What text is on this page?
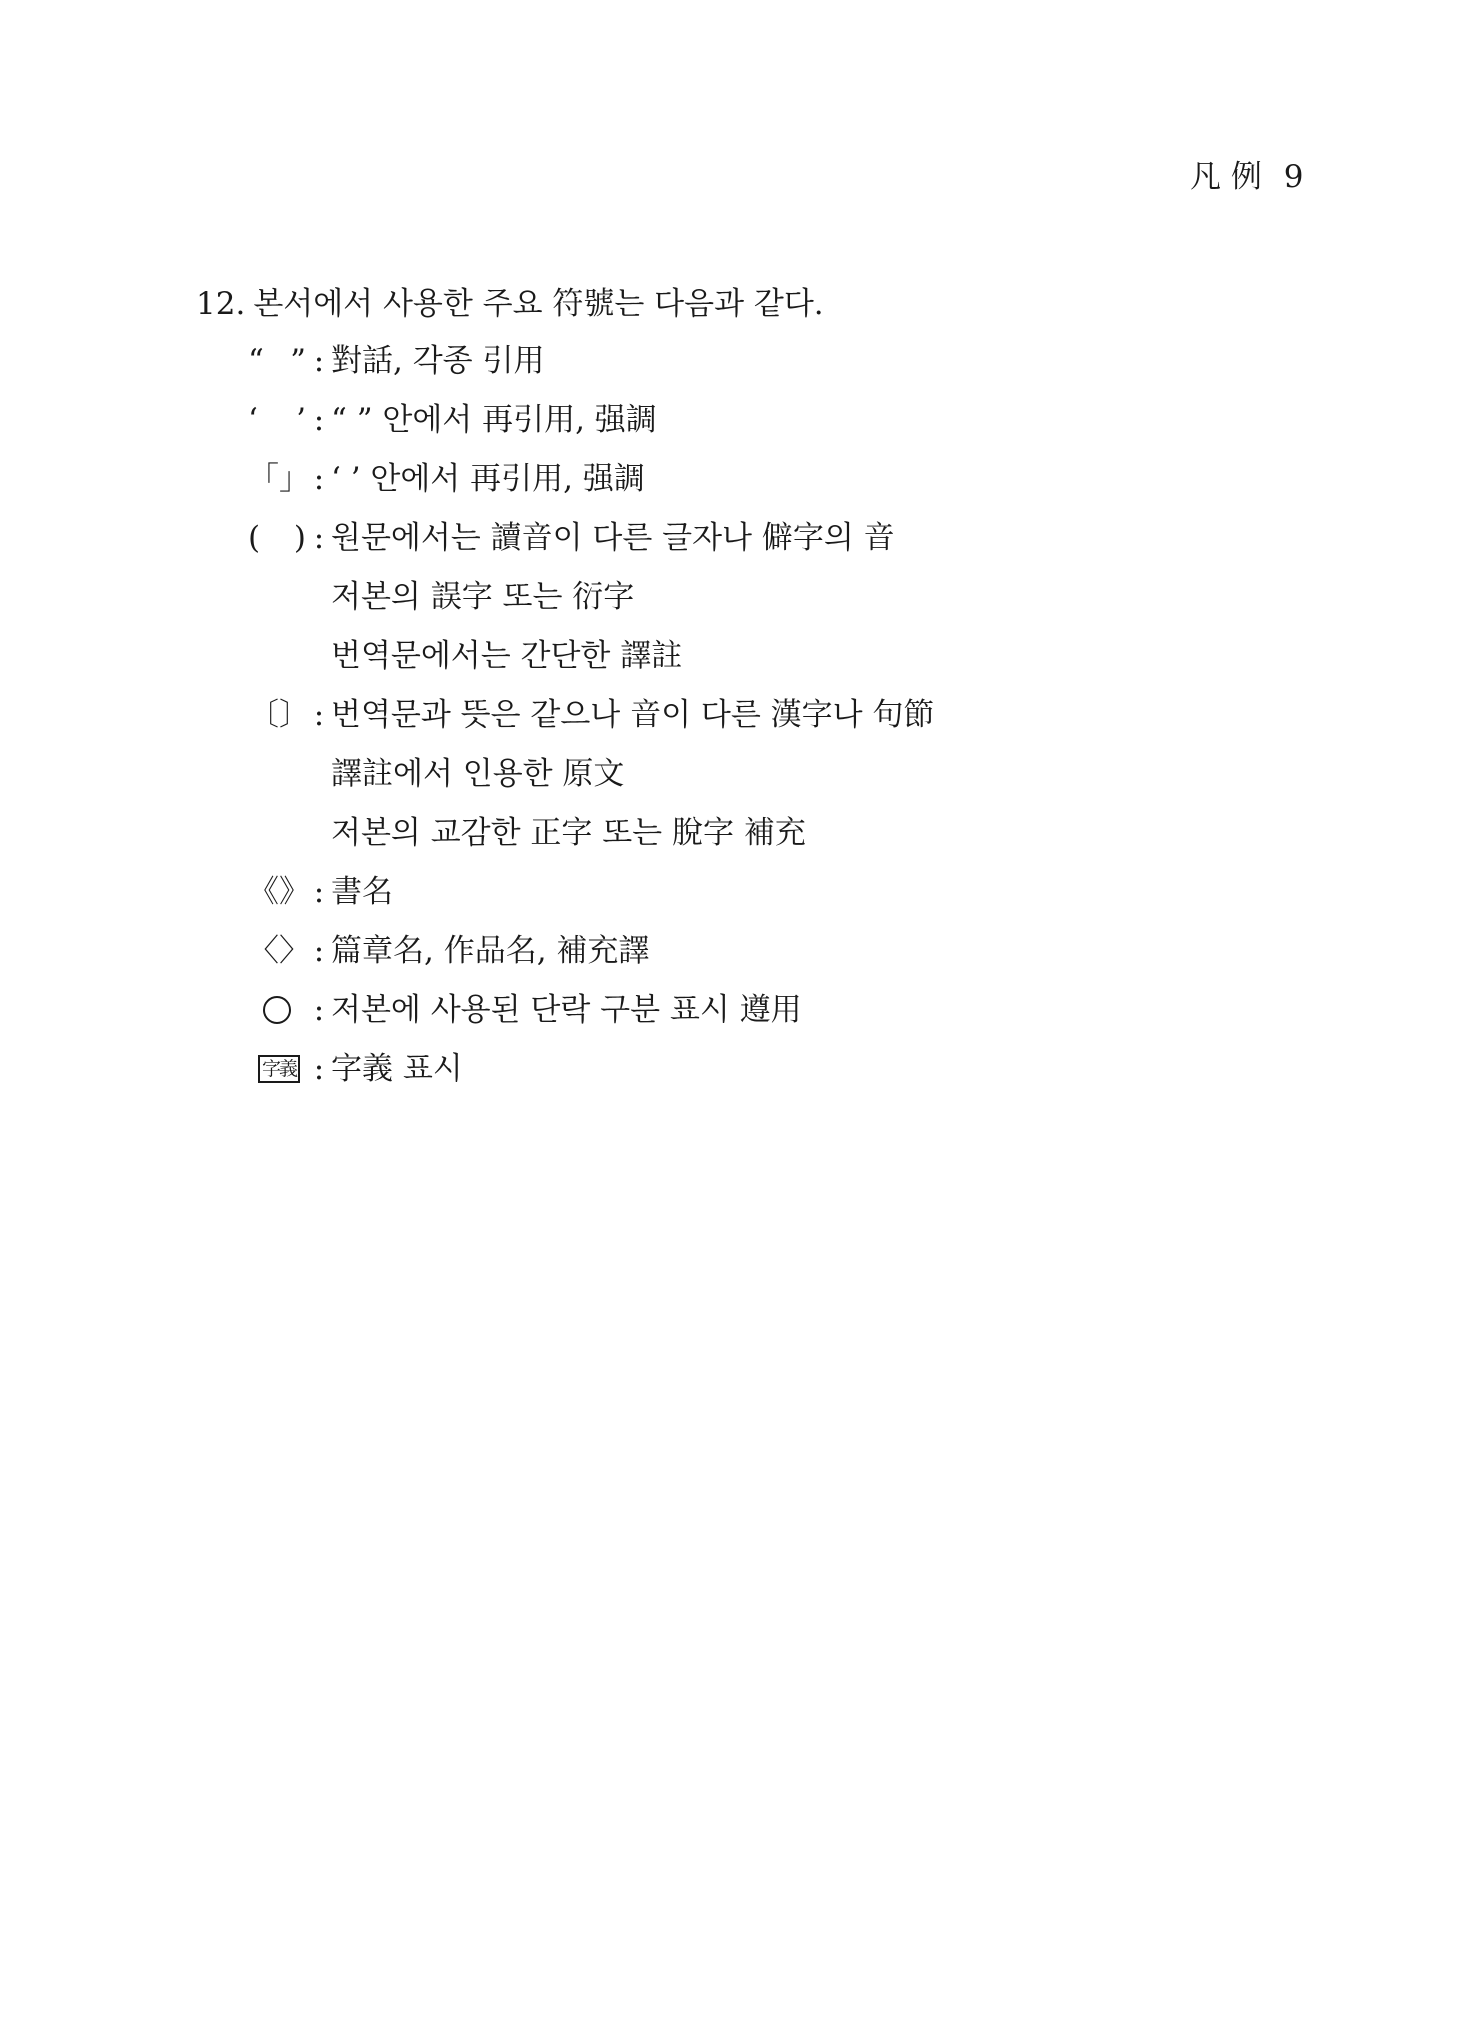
凡 例 9
12. 본서에서 사용한 주요 符號는 다음과 같다.
“ ” : 對話, 각종 引用
‘ ’ : “ ” 안에서 再引用, 强調
「 」 : ‘ ’ 안에서 再引用, 强調
( ) : 원문에서는 讀音이 다른 글자나 僻字의 音
저본의 誤字 또는 衍字
번역문에서는 간단한 譯註
〔 〕 : 번역문과 뜻은 같으나 音이 다른 漢字나 句節
譯註에서 인용한 原文
저본의 교감한 正字 또는 脫字 補充
《 》 : 書名
〈 〉 : 篇章名, 作品名, 補充譯
: 저본에 사용된 단락 구분 표시 遵用
字義 : 字義 표시
